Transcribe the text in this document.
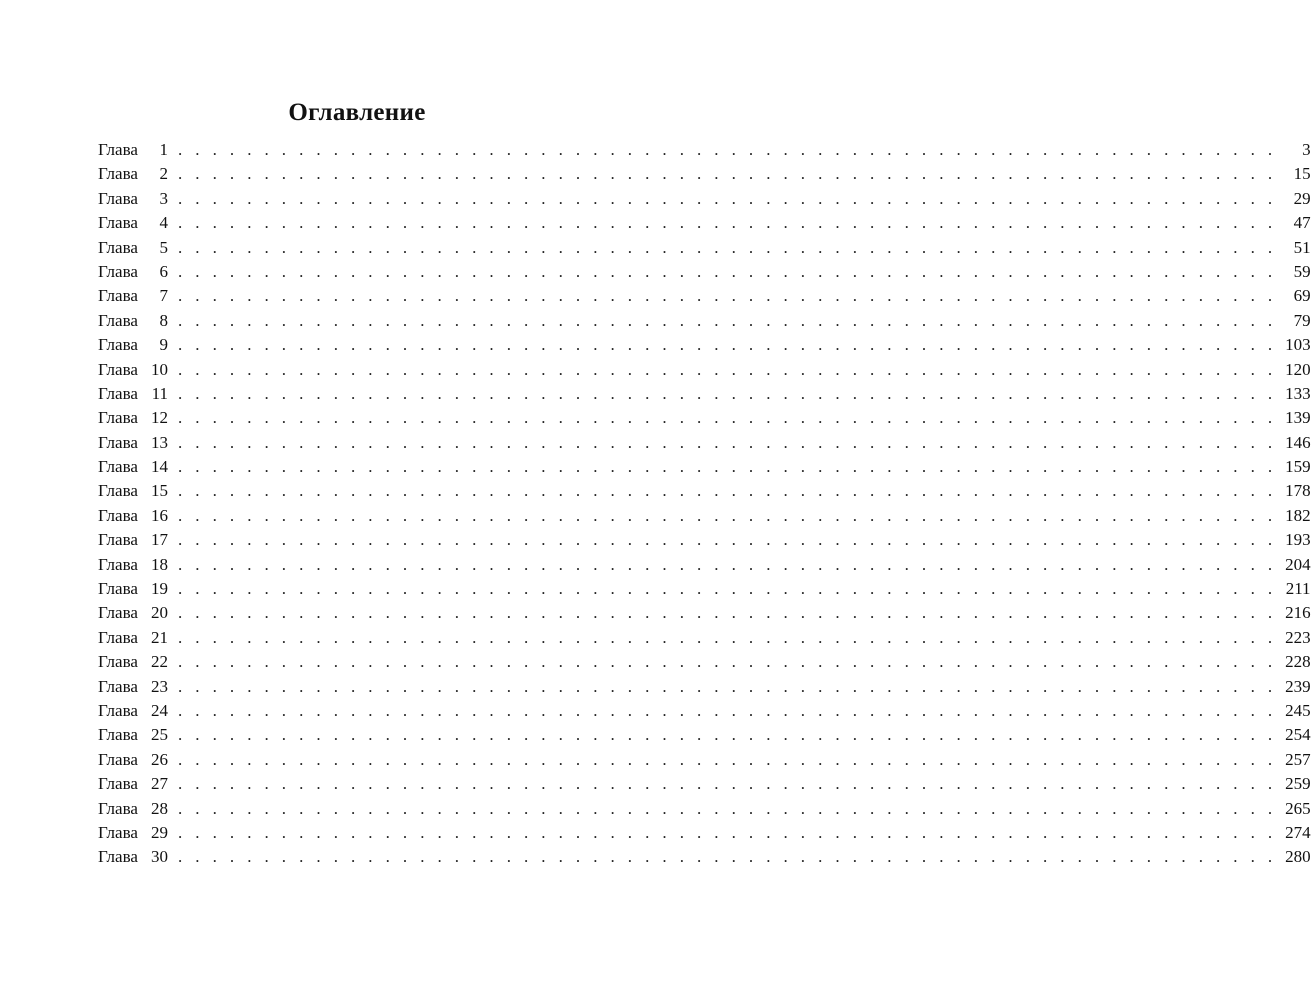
Оглавление
Глава	1 . . . . . . . . . . . . . . . . . . . . . . . . . . . . . . . . . . . . . . . . . . . . . . . . . . . . . . . . . . . . . . . .	3
Глава	2 . . . . . . . . . . . . . . . . . . . . . . . . . . . . . . . . . . . . . . . . . . . . . . . . . . . . . . . . . . . . . . . .	15
Глава	3 . . . . . . . . . . . . . . . . . . . . . . . . . . . . . . . . . . . . . . . . . . . . . . . . . . . . . . . . . . . . . . . .	29
Глава	4 . . . . . . . . . . . . . . . . . . . . . . . . . . . . . . . . . . . . . . . . . . . . . . . . . . . . . . . . . . . . . . . .	47
Глава	5 . . . . . . . . . . . . . . . . . . . . . . . . . . . . . . . . . . . . . . . . . . . . . . . . . . . . . . . . . . . . . . . .	51
Глава	6 . . . . . . . . . . . . . . . . . . . . . . . . . . . . . . . . . . . . . . . . . . . . . . . . . . . . . . . . . . . . . . . .	59
Глава	7 . . . . . . . . . . . . . . . . . . . . . . . . . . . . . . . . . . . . . . . . . . . . . . . . . . . . . . . . . . . . . . . .	69
Глава	8 . . . . . . . . . . . . . . . . . . . . . . . . . . . . . . . . . . . . . . . . . . . . . . . . . . . . . . . . . . . . . . . .	79
Глава	9 . . . . . . . . . . . . . . . . . . . . . . . . . . . . . . . . . . . . . . . . . . . . . . . . . . . . . . . . . . . . . . . . 103
Глава 10 . . . . . . . . . . . . . . . . . . . . . . . . . . . . . . . . . . . . . . . . . . . . . . . . . . . . . . . . . . . . . . . . 120
Глава 11 . . . . . . . . . . . . . . . . . . . . . . . . . . . . . . . . . . . . . . . . . . . . . . . . . . . . . . . . . . . . . . . . 133
Глава 12 . . . . . . . . . . . . . . . . . . . . . . . . . . . . . . . . . . . . . . . . . . . . . . . . . . . . . . . . . . . . . . . . 139
Глава 13 . . . . . . . . . . . . . . . . . . . . . . . . . . . . . . . . . . . . . . . . . . . . . . . . . . . . . . . . . . . . . . . . 146
Глава 14 . . . . . . . . . . . . . . . . . . . . . . . . . . . . . . . . . . . . . . . . . . . . . . . . . . . . . . . . . . . . . . . . 159
Глава 15 . . . . . . . . . . . . . . . . . . . . . . . . . . . . . . . . . . . . . . . . . . . . . . . . . . . . . . . . . . . . . . . . 178
Глава 16 . . . . . . . . . . . . . . . . . . . . . . . . . . . . . . . . . . . . . . . . . . . . . . . . . . . . . . . . . . . . . . . . 182
Глава 17 . . . . . . . . . . . . . . . . . . . . . . . . . . . . . . . . . . . . . . . . . . . . . . . . . . . . . . . . . . . . . . . . 193
Глава 18 . . . . . . . . . . . . . . . . . . . . . . . . . . . . . . . . . . . . . . . . . . . . . . . . . . . . . . . . . . . . . . . . 204
Глава 19 . . . . . . . . . . . . . . . . . . . . . . . . . . . . . . . . . . . . . . . . . . . . . . . . . . . . . . . . . . . . . . . . 211
Глава 20 . . . . . . . . . . . . . . . . . . . . . . . . . . . . . . . . . . . . . . . . . . . . . . . . . . . . . . . . . . . . . . . . 216
Глава 21 . . . . . . . . . . . . . . . . . . . . . . . . . . . . . . . . . . . . . . . . . . . . . . . . . . . . . . . . . . . . . . . . 223
Глава 22 . . . . . . . . . . . . . . . . . . . . . . . . . . . . . . . . . . . . . . . . . . . . . . . . . . . . . . . . . . . . . . . . 228
Глава 23 . . . . . . . . . . . . . . . . . . . . . . . . . . . . . . . . . . . . . . . . . . . . . . . . . . . . . . . . . . . . . . . . 239
Глава 24 . . . . . . . . . . . . . . . . . . . . . . . . . . . . . . . . . . . . . . . . . . . . . . . . . . . . . . . . . . . . . . . . 245
Глава 25 . . . . . . . . . . . . . . . . . . . . . . . . . . . . . . . . . . . . . . . . . . . . . . . . . . . . . . . . . . . . . . . . 254
Глава 26 . . . . . . . . . . . . . . . . . . . . . . . . . . . . . . . . . . . . . . . . . . . . . . . . . . . . . . . . . . . . . . . . 257
Глава 27 . . . . . . . . . . . . . . . . . . . . . . . . . . . . . . . . . . . . . . . . . . . . . . . . . . . . . . . . . . . . . . . . 259
Глава 28 . . . . . . . . . . . . . . . . . . . . . . . . . . . . . . . . . . . . . . . . . . . . . . . . . . . . . . . . . . . . . . . . 265
Глава 29 . . . . . . . . . . . . . . . . . . . . . . . . . . . . . . . . . . . . . . . . . . . . . . . . . . . . . . . . . . . . . . . . 274
Глава 30 . . . . . . . . . . . . . . . . . . . . . . . . . . . . . . . . . . . . . . . . . . . . . . . . . . . . . . . . . . . . . . . . 280
